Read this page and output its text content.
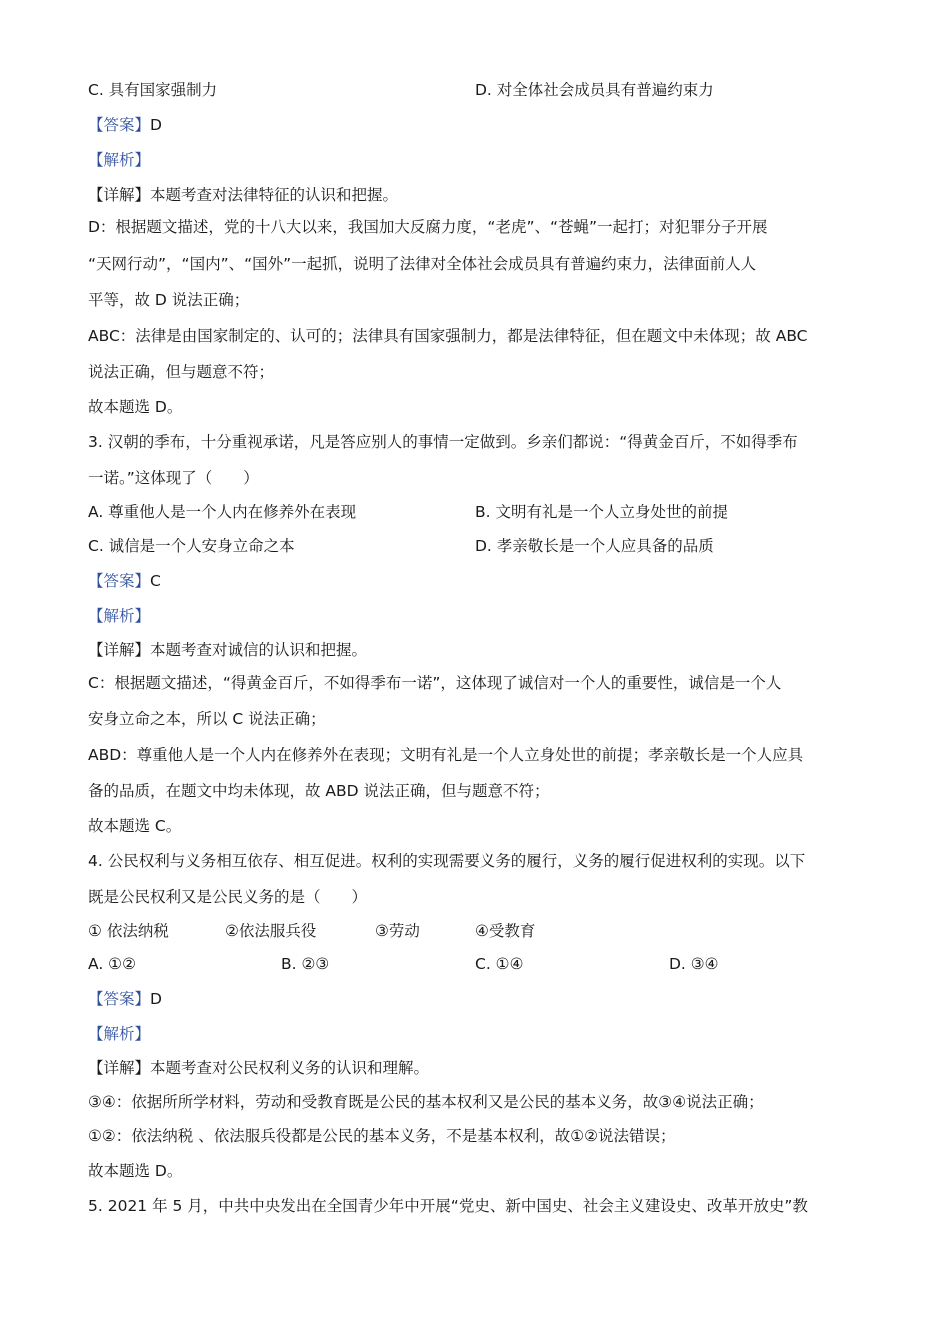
C. 具有国家强制力	D. 对全体社会成员具有普遍约束力
【答案】D
【解析】
【详解】本题考查对法律特征的认识和把握。
D：根据题文描述，党的十八大以来，我国加大反腐力度，“老虎”、“苍蝇”一起打；对犯罪分子开展
“天网行动”，“国内”、“国外”一起抓，说明了法律对全体社会成员具有普遍约束力，法律面前人人
平等，故 D 说法正确；
ABC：法律是由国家制定的、认可的；法律具有国家强制力，都是法律特征，但在题文中未体现；故 ABC
说法正确，但与题意不符；
故本题选 D。
3. 汉朝的季布，十分重视承诺，凡是答应别人的事情一定做到。乡亲们都说：“得黄金百斤，不如得季布
一诺。”这体现了（　　）
A. 尊重他人是一个人内在修养外在表现	B. 文明有礼是一个人立身处世的前提
C. 诚信是一个人安身立命之本	D. 孝亲敬长是一个人应具备的品质
【答案】C
【解析】
【详解】本题考查对诚信的认识和把握。
C：根据题文描述，“得黄金百斤，不如得季布一诺”，这体现了诚信对一个人的重要性，诚信是一个人
安身立命之本，所以 C 说法正确；
ABD：尊重他人是一个人内在修养外在表现；文明有礼是一个人立身处世的前提；孝亲敬长是一个人应具
备的品质，在题文中均未体现，故 ABD 说法正确，但与题意不符；
故本题选 C。
4. 公民权利与义务相互依存、相互促进。权利的实现需要义务的履行，义务的履行促进权利的实现。以下
既是公民权利又是公民义务的是（　　）
① 依法纳税	②依法服兵役	③劳动	④受教育
A. ①②	B. ②③	C. ①④	D. ③④
【答案】D
【解析】
【详解】本题考查对公民权利义务的认识和理解。
③④：依据所所学材料，劳动和受教育既是公民的基本权利又是公民的基本义务，故③④说法正确；
①②：依法纳税 、依法服兵役都是公民的基本义务，不是基本权利，故①②说法错误；
故本题选 D。
5. 2021 年 5 月，中共中央发出在全国青少年中开展“党史、新中国史、社会主义建设史、改革开放史”教
